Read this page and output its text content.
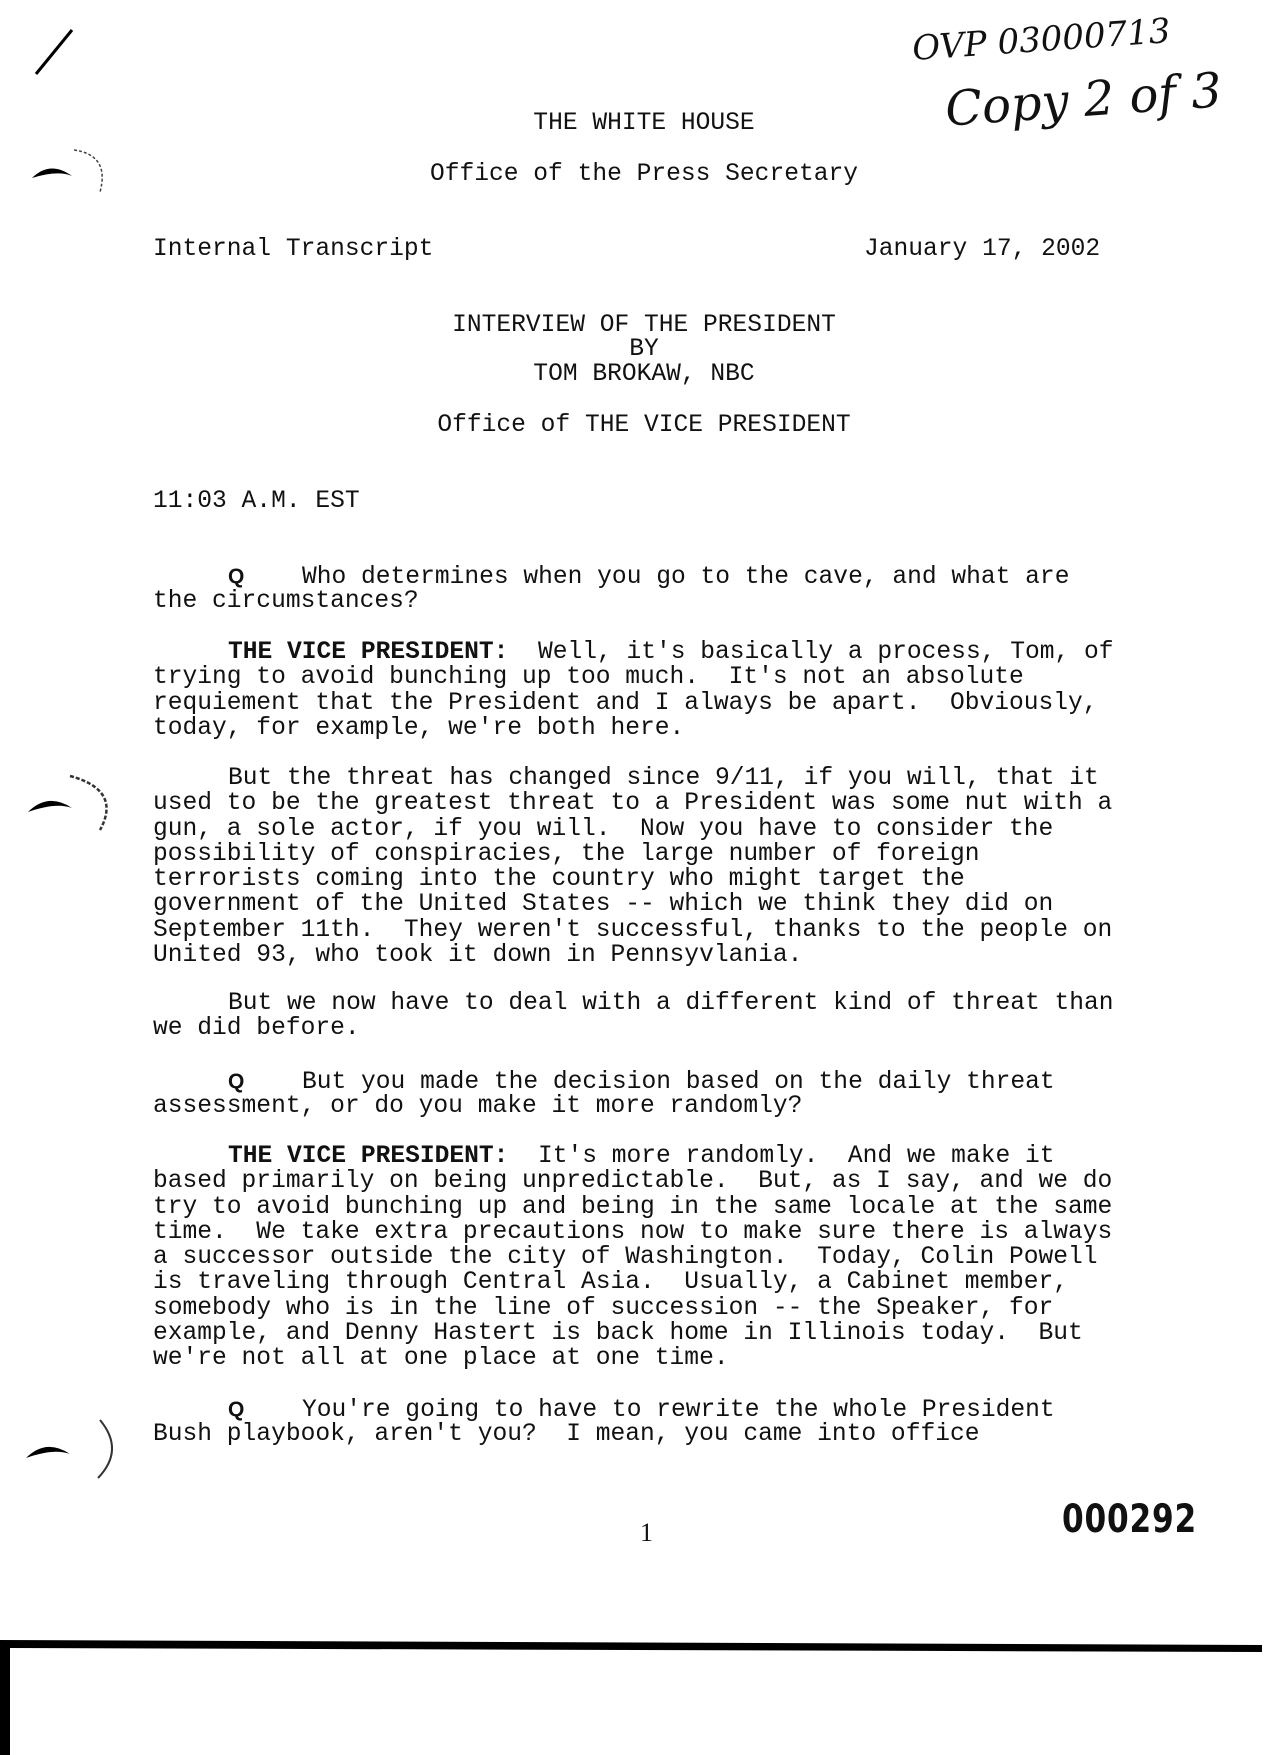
OVP 03000713
Copy 2 of 3
THE WHITE HOUSE
Office of the Press Secretary
Internal Transcript	January 17, 2002
INTERVIEW OF THE PRESIDENT
BY
TOM BROKAW, NBC
Office of THE VICE PRESIDENT
11:03 A.M. EST
Q Who determines when you go to the cave, and what are
the circumstances?
THE VICE PRESIDENT:  Well, it's basically a process, Tom, of
trying to avoid bunching up too much.  It's not an absolute
requiement that the President and I always be apart.  Obviously,
today, for example, we're both here.
But the threat has changed since 9/11, if you will, that it
used to be the greatest threat to a President was some nut with a
gun, a sole actor, if you will.  Now you have to consider the
possibility of conspiracies, the large number of foreign
terrorists coming into the country who might target the
government of the United States -- which we think they did on
September 11th.  They weren't successful, thanks to the people on
United 93, who took it down in Pennsyvlania.
But we now have to deal with a different kind of threat than
we did before.
Q But you made the decision based on the daily threat
assessment, or do you make it more randomly?
THE VICE PRESIDENT:  It's more randomly.  And we make it
based primarily on being unpredictable.  But, as I say, and we do
try to avoid bunching up and being in the same locale at the same
time.  We take extra precautions now to make sure there is always
a successor outside the city of Washington.  Today, Colin Powell
is traveling through Central Asia.  Usually, a Cabinet member,
somebody who is in the line of succession -- the Speaker, for
example, and Denny Hastert is back home in Illinois today.  But
we're not all at one place at one time.
Q You're going to have to rewrite the whole President
Bush playbook, aren't you?  I mean, you came into office
1	000292
